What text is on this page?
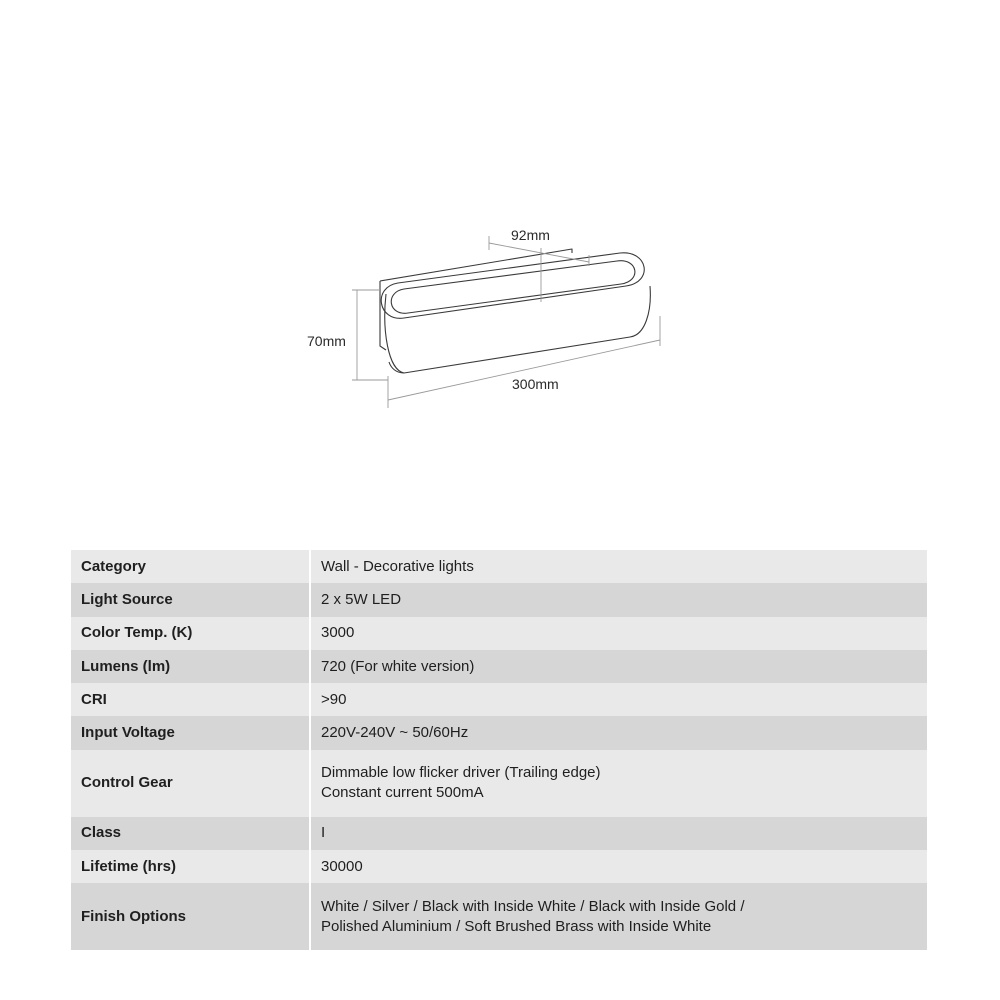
92mm
70mm
300mm
Category	Wall - Decorative lights

Light Source	2 x 5W LED

Color Temp. (K)	3000

Lumens (lm)	720 (For white version)

CRI	>90

Input Voltage	220V-240V ~ 50/60Hz

Control Gear	Dimmable low flicker driver (Trailing edge)
Constant current 500mA

Class	I

Lifetime (hrs)	30000

Finish Options	White / Silver / Black with Inside White / Black with Inside Gold /
Polished Aluminium / Soft Brushed Brass with Inside White
